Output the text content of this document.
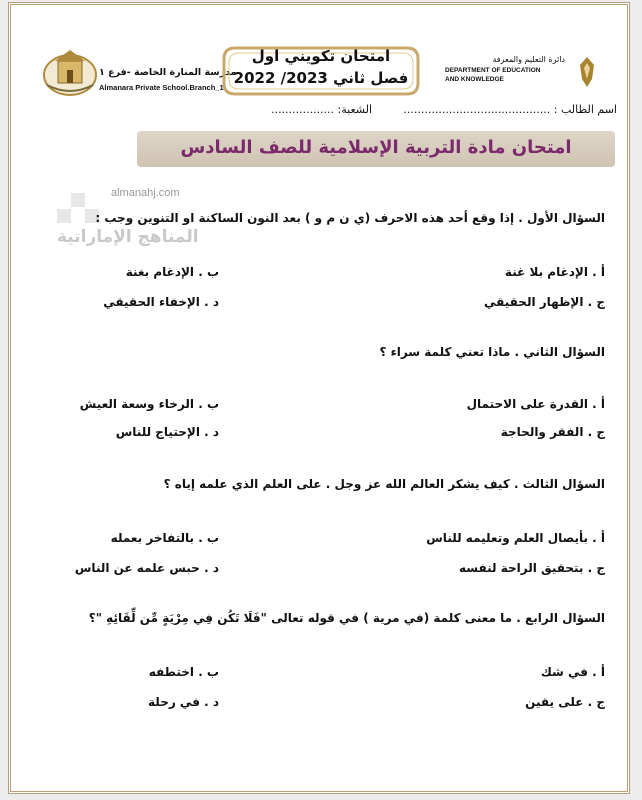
مدرسة المنارة الخاصة -فرع ١
Almanara Private School.Branch_1
امتحان تكويني اول
فصل ثاني 2023/ 2022
دائرة التعليم والمعرفة
DEPARTMENT OF EDUCATION
AND KNOWLEDGE
اسم الطالب : ..........................................
الشعبة: ..................
امتحان مادة التربية الإسلامية للصف السادس
almanahj.com
المناهج الإماراتية
السؤال الأول . إذا وقع أحد هذه الاحرف (ي ن م و ) بعد النون الساكنة او التنوين وجب :
أ . الإدغام بلا غنة
ب . الإدغام بغنة
ج . الإظهار الحقيقي
د . الإخفاء الحقيقي
السؤال الثاني . ماذا تعني كلمة سراء ؟
أ . القدرة على الاحتمال
ب . الرخاء وسعة العيش
ج . الفقر والحاجة
د . الإحتياج للناس
السؤال الثالث . كيف يشكر العالم الله عز وجل . على العلم الذي علمه إياه ؟
أ . بأيصال العلم وتعليمه للناس
ب . بالتفاخر بعمله
ج . بتحقيق الراحة لنفسه
د . حبس علمه عن الناس
السؤال الرابع . ما معنى كلمة (في مرية ) في قوله تعالى "فَلَا تَكُن فِي مِرْيَةٍ مِّن لِّقَائِهِ "؟
أ . في شك
ب . اختطفه
ج . على يقين
د . في رحلة
